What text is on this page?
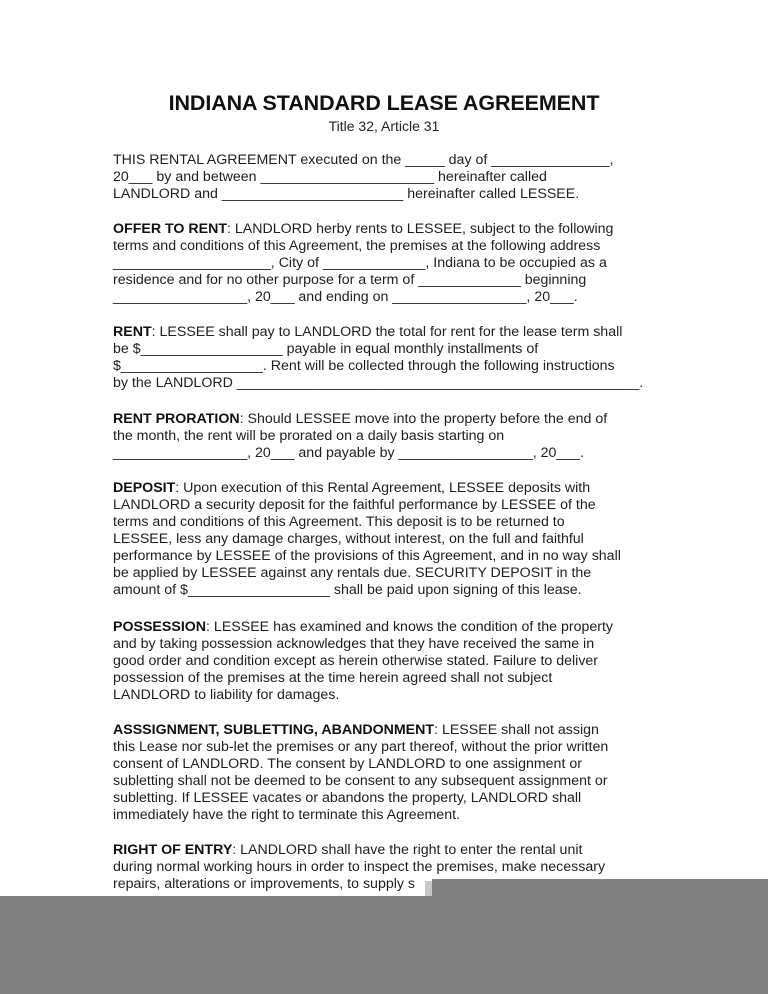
INDIANA STANDARD LEASE AGREEMENT
Title 32, Article 31
THIS RENTAL AGREEMENT executed on the _____ day of _______________,
20___ by and between ______________________ hereinafter called
LANDLORD and _______________________ hereinafter called LESSEE.
OFFER TO RENT: LANDLORD herby rents to LESSEE, subject to the following
terms and conditions of this Agreement, the premises at the following address
____________________, City of _____________, Indiana to be occupied as a
residence and for no other purpose for a term of _____________ beginning
_________________, 20___ and ending on _________________, 20___.
RENT: LESSEE shall pay to LANDLORD the total for rent for the lease term shall
be $__________________ payable in equal monthly installments of
$__________________. Rent will be collected through the following instructions
by the LANDLORD ___________________________________________________.
RENT PRORATION: Should LESSEE move into the property before the end of
the month, the rent will be prorated on a daily basis starting on
_________________, 20___ and payable by _________________, 20___.
DEPOSIT: Upon execution of this Rental Agreement, LESSEE deposits with
LANDLORD a security deposit for the faithful performance by LESSEE of the
terms and conditions of this Agreement. This deposit is to be returned to
LESSEE, less any damage charges, without interest, on the full and faithful
performance by LESSEE of the provisions of this Agreement, and in no way shall
be applied by LESSEE against any rentals due. SECURITY DEPOSIT in the
amount of $__________________ shall be paid upon signing of this lease.
POSSESSION: LESSEE has examined and knows the condition of the property
and by taking possession acknowledges that they have received the same in
good order and condition except as herein otherwise stated. Failure to deliver
possession of the premises at the time herein agreed shall not subject
LANDLORD to liability for damages.
ASSSIGNMENT, SUBLETTING, ABANDONMENT: LESSEE shall not assign
this Lease nor sub-let the premises or any part thereof, without the prior written
consent of LANDLORD. The consent by LANDLORD to one assignment or
subletting shall not be deemed to be consent to any subsequent assignment or
subletting. If LESSEE vacates or abandons the property, LANDLORD shall
immediately have the right to terminate this Agreement.
RIGHT OF ENTRY: LANDLORD shall have the right to enter the rental unit
during normal working hours in order to inspect the premises, make necessary
repairs, alterations or improvements, to supply s
